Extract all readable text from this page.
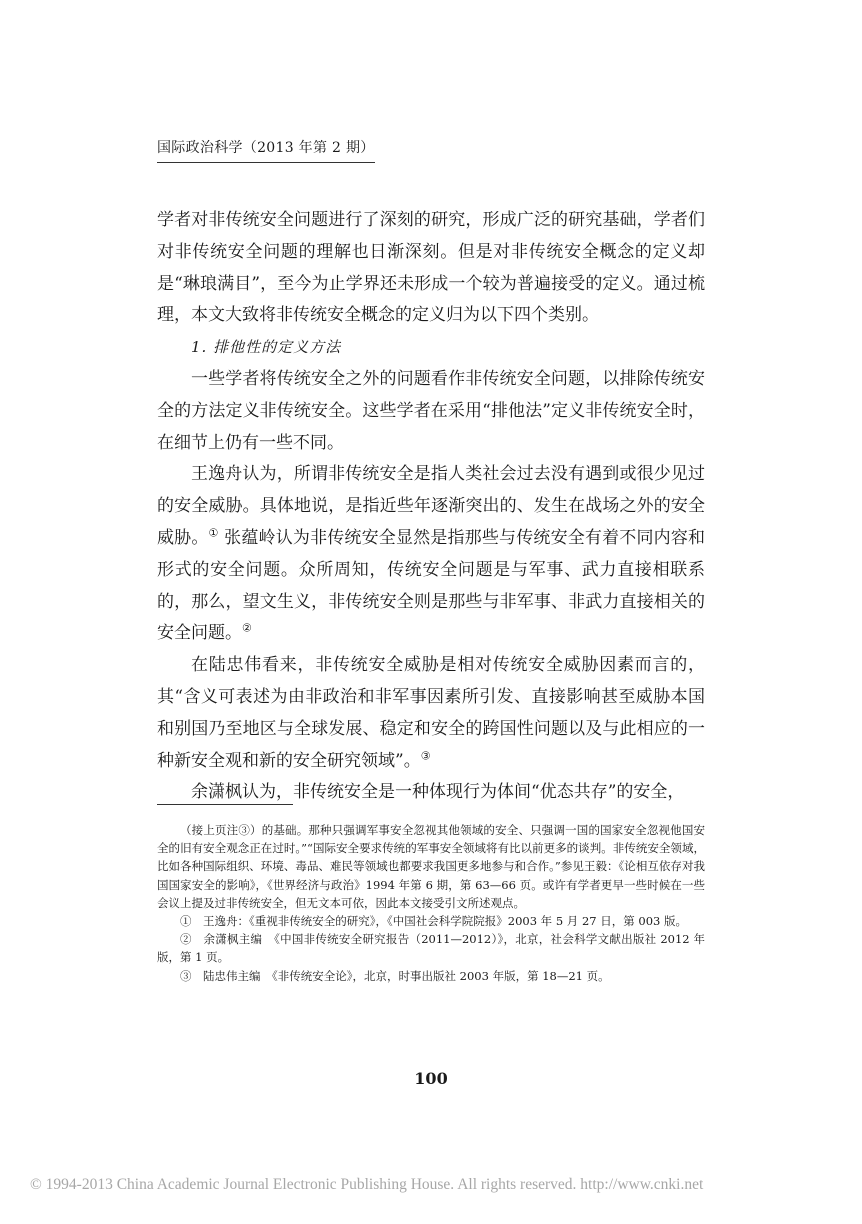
国际政治科学（2013 年第 2 期）

学者对非传统安全问题进行了深刻的研究，形成广泛的研究基础，学者们对非传统安全问题的理解也日渐深刻。但是对非传统安全概念的定义却是“琳琅满目”，至今为止学界还未形成一个较为普遍接受的定义。通过梳理，本文大致将非传统安全概念的定义归为以下四个类别。

1. 排他性的定义方法

一些学者将传统安全之外的问题看作非传统安全问题，以排除传统安全的方法定义非传统安全。这些学者在采用“排他法”定义非传统安全时，在细节上仍有一些不同。

王逸舟认为，所谓非传统安全是指人类社会过去没有遇到或很少见过的安全威胁。具体地说，是指近些年逐渐突出的、发生在战场之外的安全威胁。① 张蕴岭认为非传统安全显然是指那些与传统安全有着不同内容和形式的安全问题。众所周知，传统安全问题是与军事、武力直接相联系的，那么，望文生义，非传统安全则是那些与非军事、非武力直接相关的安全问题。②

在陆忠伟看来，非传统安全威胁是相对传统安全威胁因素而言的，其“含义可表述为由非政治和非军事因素所引发、直接影响甚至威胁本国和别国乃至地区与全球发展、稳定和安全的跨国性问题以及与此相应的一种新安全观和新的安全研究领域”。③

余潇枫认为，非传统安全是一种体现行为体间“优态共存”的安全，

（接上页注③）的基础。那种只强调军事安全忽视其他领域的安全、只强调一国的国家安全忽视他国安全的旧有安全观念正在过时。”“国际安全要求传统的军事安全领域将有比以前更多的谈判。非传统安全领域，比如各种国际组织、环境、毒品、难民等领域也都要求我国更多地参与和合作。”参见王毅：《论相互依存对我国国家安全的影响》，《世界经济与政治》1994 年第 6 期，第 63—66 页。或许有学者更早一些时候在一些会议上提及过非传统安全，但无文本可依，因此本文接受引文所述观点。

①　王逸舟：《重视非传统安全的研究》，《中国社会科学院院报》2003 年 5 月 27 日，第 003 版。

②　余潇枫主编　《中国非传统安全研究报告（2011—2012）》，北京，社会科学文献出版社 2012 年版，第 1 页。

③　陆忠伟主编　《非传统安全论》，北京，时事出版社 2003 年版，第 18—21 页。

100
© 1994-2013 China Academic Journal Electronic Publishing House. All rights reserved. http://www.cnki.net
